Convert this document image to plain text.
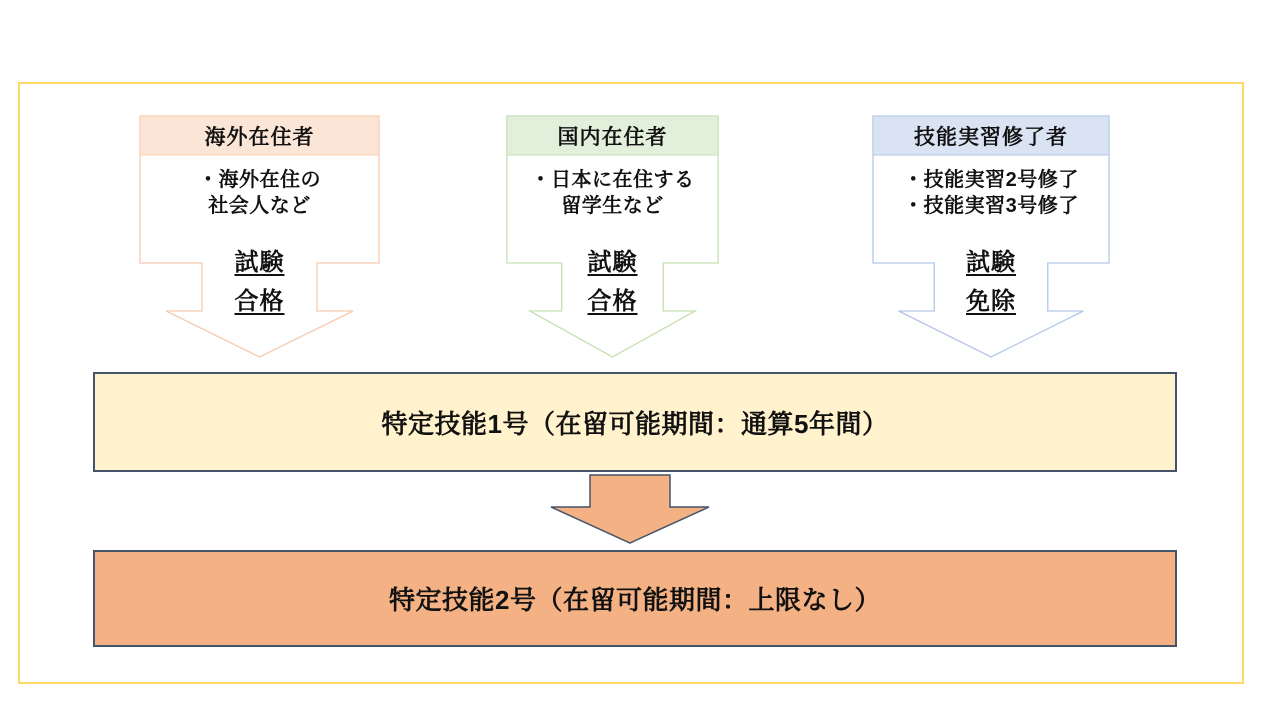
海外在住者
・海外在住の
社会人など
試験
合格
国内在住者
・日本に在住する
留学生など
試験
合格
技能実習修了者
・技能実習2号修了
・技能実習3号修了
試験
免除
特定技能1号（在留可能期間：通算5年間）
特定技能2号（在留可能期間：上限なし）
